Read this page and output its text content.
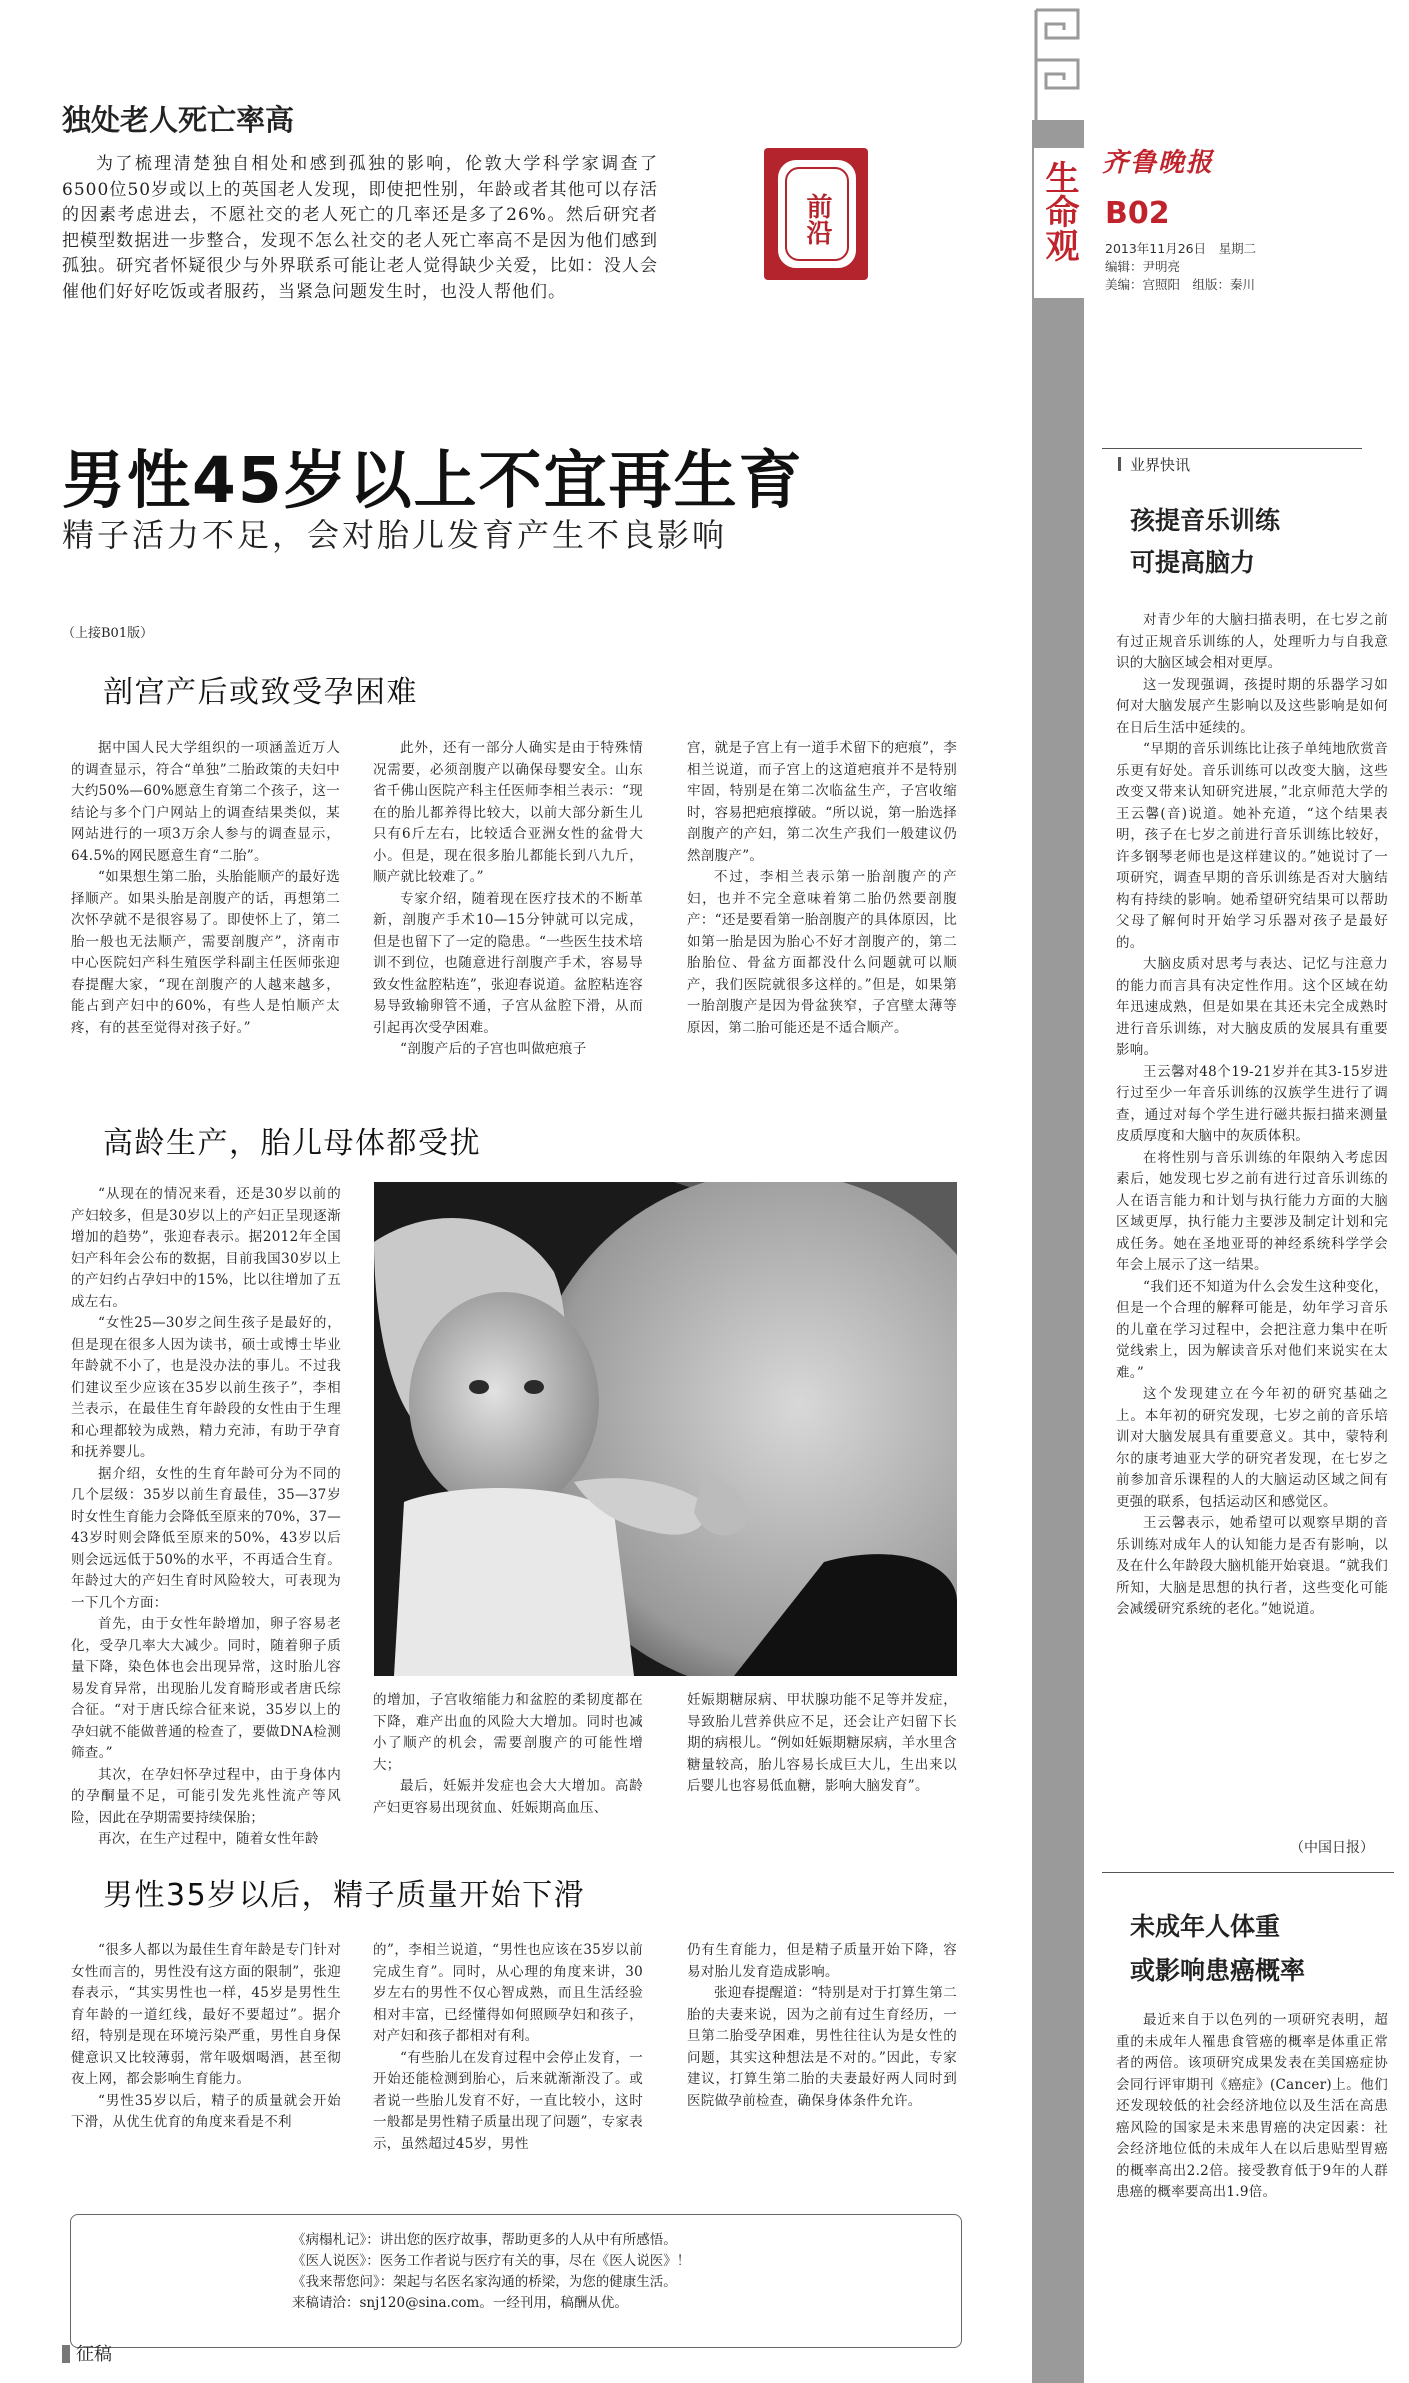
独处老人死亡率高

为了梳理清楚独自相处和感到孤独的影响，伦敦大学科学家调查了6500位50岁或以上的英国老人发现，即使把性别，年龄或者其他可以存活的因素考虑进去，不愿社交的老人死亡的几率还是多了26%。然后研究者把模型数据进一步整合，发现不怎么社交的老人死亡率高不是因为他们感到孤独。研究者怀疑很少与外界联系可能让老人觉得缺少关爱，比如：没人会催他们好好吃饭或者服药，当紧急问题发生时，也没人帮他们。

前沿	生命观 齐鲁晚报
B02
2013年11月26日　星期二
编辑：尹明亮
美编：宫照阳　组版：秦川
男性45岁以上不宜再生育
精子活力不足，会对胎儿发育产生不良影响
（上接B01版）
剖宫产后或致受孕困难

据中国人民大学组织的一项涵盖近万人的调查显示，符合“单独”二胎政策的夫妇中大约50%—60%愿意生育第二个孩子，这一结论与多个门户网站上的调查结果类似，某网站进行的一项3万余人参与的调查显示，64.5%的网民愿意生育“二胎”。

“如果想生第二胎，头胎能顺产的最好选择顺产。如果头胎是剖腹产的话，再想第二次怀孕就不是很容易了。即使怀上了，第二胎一般也无法顺产，需要剖腹产”，济南市中心医院妇产科生殖医学科副主任医师张迎春提醒大家，“现在剖腹产的人越来越多，能占到产妇中的60%，有些人是怕顺产太疼，有的甚至觉得对孩子好。”

此外，还有一部分人确实是由于特殊情况需要，必须剖腹产以确保母婴安全。山东省千佛山医院产科主任医师李相兰表示：“现在的胎儿都养得比较大，以前大部分新生儿只有6斤左右，比较适合亚洲女性的盆骨大小。但是，现在很多胎儿都能长到八九斤，顺产就比较难了。”

专家介绍，随着现在医疗技术的不断革新，剖腹产手术10—15分钟就可以完成，但是也留下了一定的隐患。“一些医生技术培训不到位，也随意进行剖腹产手术，容易导致女性盆腔粘连”，张迎春说道。盆腔粘连容易导致输卵管不通，子宫从盆腔下滑，从而引起再次受孕困难。

“剖腹产后的子宫也叫做疤痕子

宫，就是子宫上有一道手术留下的疤痕”，李相兰说道，而子宫上的这道疤痕并不是特别牢固，特别是在第二次临盆生产，子宫收缩时，容易把疤痕撑破。“所以说，第一胎选择剖腹产的产妇，第二次生产我们一般建议仍然剖腹产”。

不过，李相兰表示第一胎剖腹产的产妇，也并不完全意味着第二胎仍然要剖腹产：“还是要看第一胎剖腹产的具体原因，比如第一胎是因为胎心不好才剖腹产的，第二胎胎位、骨盆方面都没什么问题就可以顺产，我们医院就很多这样的。”但是，如果第一胎剖腹产是因为骨盆狭窄，子宫壁太薄等原因，第二胎可能还是不适合顺产。

高龄生产，胎儿母体都受扰

“从现在的情况来看，还是30岁以前的产妇较多，但是30岁以上的产妇正呈现逐渐增加的趋势”，张迎春表示。据2012年全国妇产科年会公布的数据，目前我国30岁以上的产妇约占孕妇中的15%，比以往增加了五成左右。

“女性25—30岁之间生孩子是最好的，但是现在很多人因为读书，硕士或博士毕业年龄就不小了，也是没办法的事儿。不过我们建议至少应该在35岁以前生孩子”，李相兰表示，在最佳生育年龄段的女性由于生理和心理都较为成熟，精力充沛，有助于孕育和抚养婴儿。

据介绍，女性的生育年龄可分为不同的几个层级：35岁以前生育最佳，35—37岁时女性生育能力会降低至原来的70%，37—43岁时则会降低至原来的50%，43岁以后则会远远低于50%的水平，不再适合生育。年龄过大的产妇生育时风险较大，可表现为一下几个方面：

首先，由于女性年龄增加，卵子容易老化，受孕几率大大减少。同时，随着卵子质量下降，染色体也会出现异常，这时胎儿容易发育异常，出现胎儿发育畸形或者唐氏综合征。“对于唐氏综合征来说，35岁以上的孕妇就不能做普通的检查了，要做DNA检测筛查。”

其次，在孕妇怀孕过程中，由于身体内的孕酮量不足，可能引发先兆性流产等风险，因此在孕期需要持续保胎；

再次，在生产过程中，随着女性年龄

的增加，子宫收缩能力和盆腔的柔韧度都在下降，难产出血的风险大大增加。同时也减小了顺产的机会，需要剖腹产的可能性增大；

最后，妊娠并发症也会大大增加。高龄产妇更容易出现贫血、妊娠期高血压、

妊娠期糖尿病、甲状腺功能不足等并发症，导致胎儿营养供应不足，还会让产妇留下长期的病根儿。“例如妊娠期糖尿病，羊水里含糖量较高，胎儿容易长成巨大儿，生出来以后婴儿也容易低血糖，影响大脑发育”。

男性35岁以后，精子质量开始下滑

“很多人都以为最佳生育年龄是专门针对女性而言的，男性没有这方面的限制”，张迎春表示，“其实男性也一样，45岁是男性生育年龄的一道红线，最好不要超过”。据介绍，特别是现在环境污染严重，男性自身保健意识又比较薄弱，常年吸烟喝酒，甚至彻夜上网，都会影响生育能力。

“男性35岁以后，精子的质量就会开始下滑，从优生优育的角度来看是不利

的”，李相兰说道，“男性也应该在35岁以前完成生育”。同时，从心理的角度来讲，30岁左右的男性不仅心智成熟，而且生活经验相对丰富，已经懂得如何照顾孕妇和孩子，对产妇和孩子都相对有利。

“有些胎儿在发育过程中会停止发育，一开始还能检测到胎心，后来就渐渐没了。或者说一些胎儿发育不好，一直比较小，这时一般都是男性精子质量出现了问题”，专家表示，虽然超过45岁，男性

仍有生育能力，但是精子质量开始下降，容易对胎儿发育造成影响。

张迎春提醒道：“特别是对于打算生第二胎的夫妻来说，因为之前有过生育经历，一旦第二胎受孕困难，男性往往认为是女性的问题，其实这种想法是不对的。”因此，专家建议，打算生第二胎的夫妻最好两人同时到医院做孕前检查，确保身体条件允许。

业界快讯
孩提音乐训练
可提高脑力

对青少年的大脑扫描表明，在七岁之前有过正规音乐训练的人，处理听力与自我意识的大脑区域会相对更厚。

这一发现强调，孩提时期的乐器学习如何对大脑发展产生影响以及这些影响是如何在日后生活中延续的。

“早期的音乐训练比让孩子单纯地欣赏音乐更有好处。音乐训练可以改变大脑，这些改变又带来认知研究进展，”北京师范大学的王云馨(音)说道。她补充道，“这个结果表明，孩子在七岁之前进行音乐训练比较好，许多钢琴老师也是这样建议的。”她说讨了一项研究，调查早期的音乐训练是否对大脑结构有持续的影响。她希望研究结果可以帮助父母了解何时开始学习乐器对孩子是最好的。

大脑皮质对思考与表达、记忆与注意力的能力而言具有决定性作用。这个区域在幼年迅速成熟，但是如果在其还未完全成熟时进行音乐训练，对大脑皮质的发展具有重要影响。

王云馨对48个19-21岁并在其3-15岁进行过至少一年音乐训练的汉族学生进行了调查，通过对每个学生进行磁共振扫描来测量皮质厚度和大脑中的灰质体积。

在将性别与音乐训练的年限纳入考虑因素后，她发现七岁之前有进行过音乐训练的人在语言能力和计划与执行能力方面的大脑区域更厚，执行能力主要涉及制定计划和完成任务。她在圣地亚哥的神经系统科学学会年会上展示了这一结果。

“我们还不知道为什么会发生这种变化，但是一个合理的解释可能是，幼年学习音乐的儿童在学习过程中，会把注意力集中在听觉线索上，因为解读音乐对他们来说实在太难。”

这个发现建立在今年初的研究基础之上。本年初的研究发现，七岁之前的音乐培训对大脑发展具有重要意义。其中，蒙特利尔的康考迪亚大学的研究者发现，在七岁之前参加音乐课程的人的大脑运动区域之间有更强的联系，包括运动区和感觉区。

王云馨表示，她希望可以观察早期的音乐训练对成年人的认知能力是否有影响，以及在什么年龄段大脑机能开始衰退。“就我们所知，大脑是思想的执行者，这些变化可能会减缓研究系统的老化。”她说道。

（中国日报）
未成年人体重
或影响患癌概率

最近来自于以色列的一项研究表明，超重的未成年人罹患食管癌的概率是体重正常者的两倍。该项研究成果发表在美国癌症协会同行评审期刊《癌症》(Cancer)上。他们还发现较低的社会经济地位以及生活在高患癌风险的国家是未来患胃癌的决定因素：社会经济地位低的未成年人在以后患贴型胃癌的概率高出2.2倍。接受教育低于9年的人群患癌的概率要高出1.9倍。

《病榻札记》：讲出您的医疗故事，帮助更多的人从中有所感悟。
《医人说医》：医务工作者说与医疗有关的事，尽在《医人说医》！
《我来帮您问》：架起与名医名家沟通的桥梁，为您的健康生活。
来稿请洽：snj120@sina.com。一经刊用，稿酬从优。
征稿
